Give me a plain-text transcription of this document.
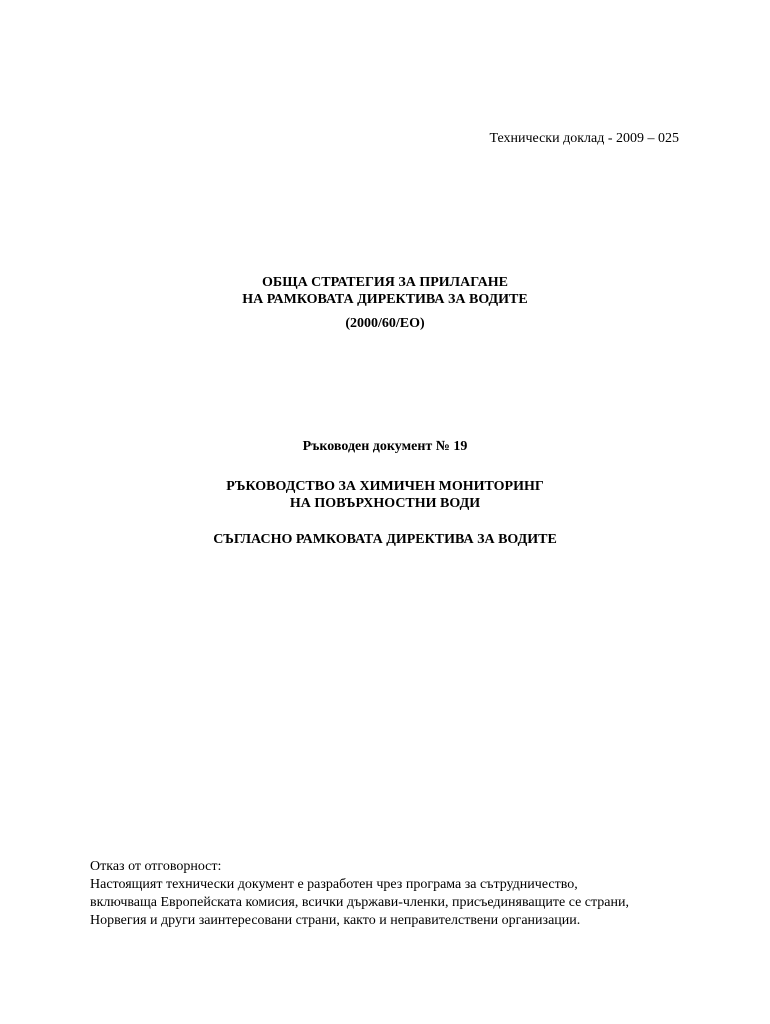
Технически доклад - 2009 – 025
ОБЩА СТРАТЕГИЯ ЗА ПРИЛАГАНЕ
НА РАМКОВАТА ДИРЕКТИВА ЗА ВОДИТЕ
(2000/60/ЕО)
Ръководен документ № 19
РЪКОВОДСТВО ЗА ХИМИЧЕН МОНИТОРИНГ
НА ПОВЪРХНОСТНИ ВОДИ
СЪГЛАСНО РАМКОВАТА ДИРЕКТИВА ЗА ВОДИТЕ
Отказ от отговорност:
Настоящият технически документ е разработен чрез програма за сътрудничество,
включваща Европейската комисия, всички държави-членки, присъединяващите се страни,
Норвегия и други заинтересовани страни, както и неправителствени организации.
